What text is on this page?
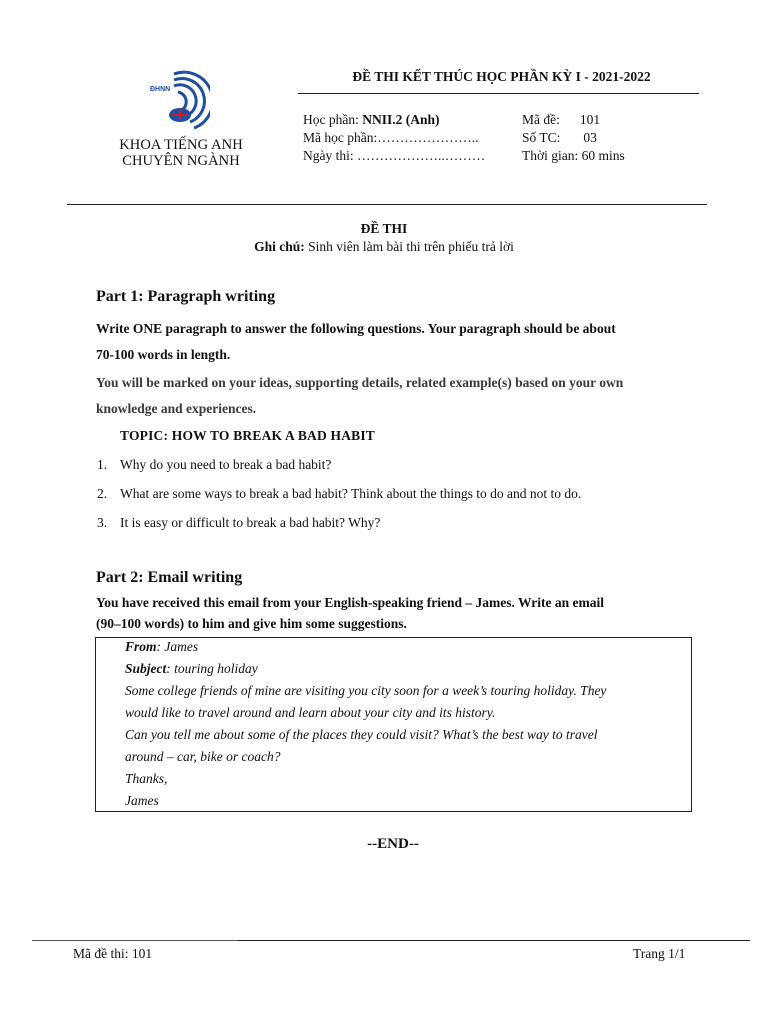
ĐHNN
KHOA TIẾNG ANH
CHUYÊN NGÀNH
ĐỀ THI KẾT THÚC HỌC PHẦN KỲ I - 2021-2022
Học phần: NNII.2 (Anh)
Mã học phần:…………………..
Ngày thi: ………………..………
Mã đề: 101
Số TC: 03
Thời gian: 60 mins
ĐỀ THI
Ghi chú: Sinh viên làm bài thi trên phiếu trả lời
Part 1: Paragraph writing
Write ONE paragraph to answer the following questions. Your paragraph should be about
70-100 words in length.
You will be marked on your ideas, supporting details, related example(s) based on your own
knowledge and experiences.
TOPIC: HOW TO BREAK A BAD HABIT
1. Why do you need to break a bad habit?
2. What are some ways to break a bad habit? Think about the things to do and not to do.
3. It is easy or difficult to break a bad habit? Why?
Part 2: Email writing
You have received this email from your English-speaking friend – James. Write an email
(90–100 words) to him and give him some suggestions.
From: James
Subject: touring holiday
Some college friends of mine are visiting you city soon for a week’s touring holiday. They
would like to travel around and learn about your city and its history.
Can you tell me about some of the places they could visit? What’s the best way to travel
around – car, bike or coach?
Thanks,
James
--END--
Mã đề thi: 101	Trang 1/1
